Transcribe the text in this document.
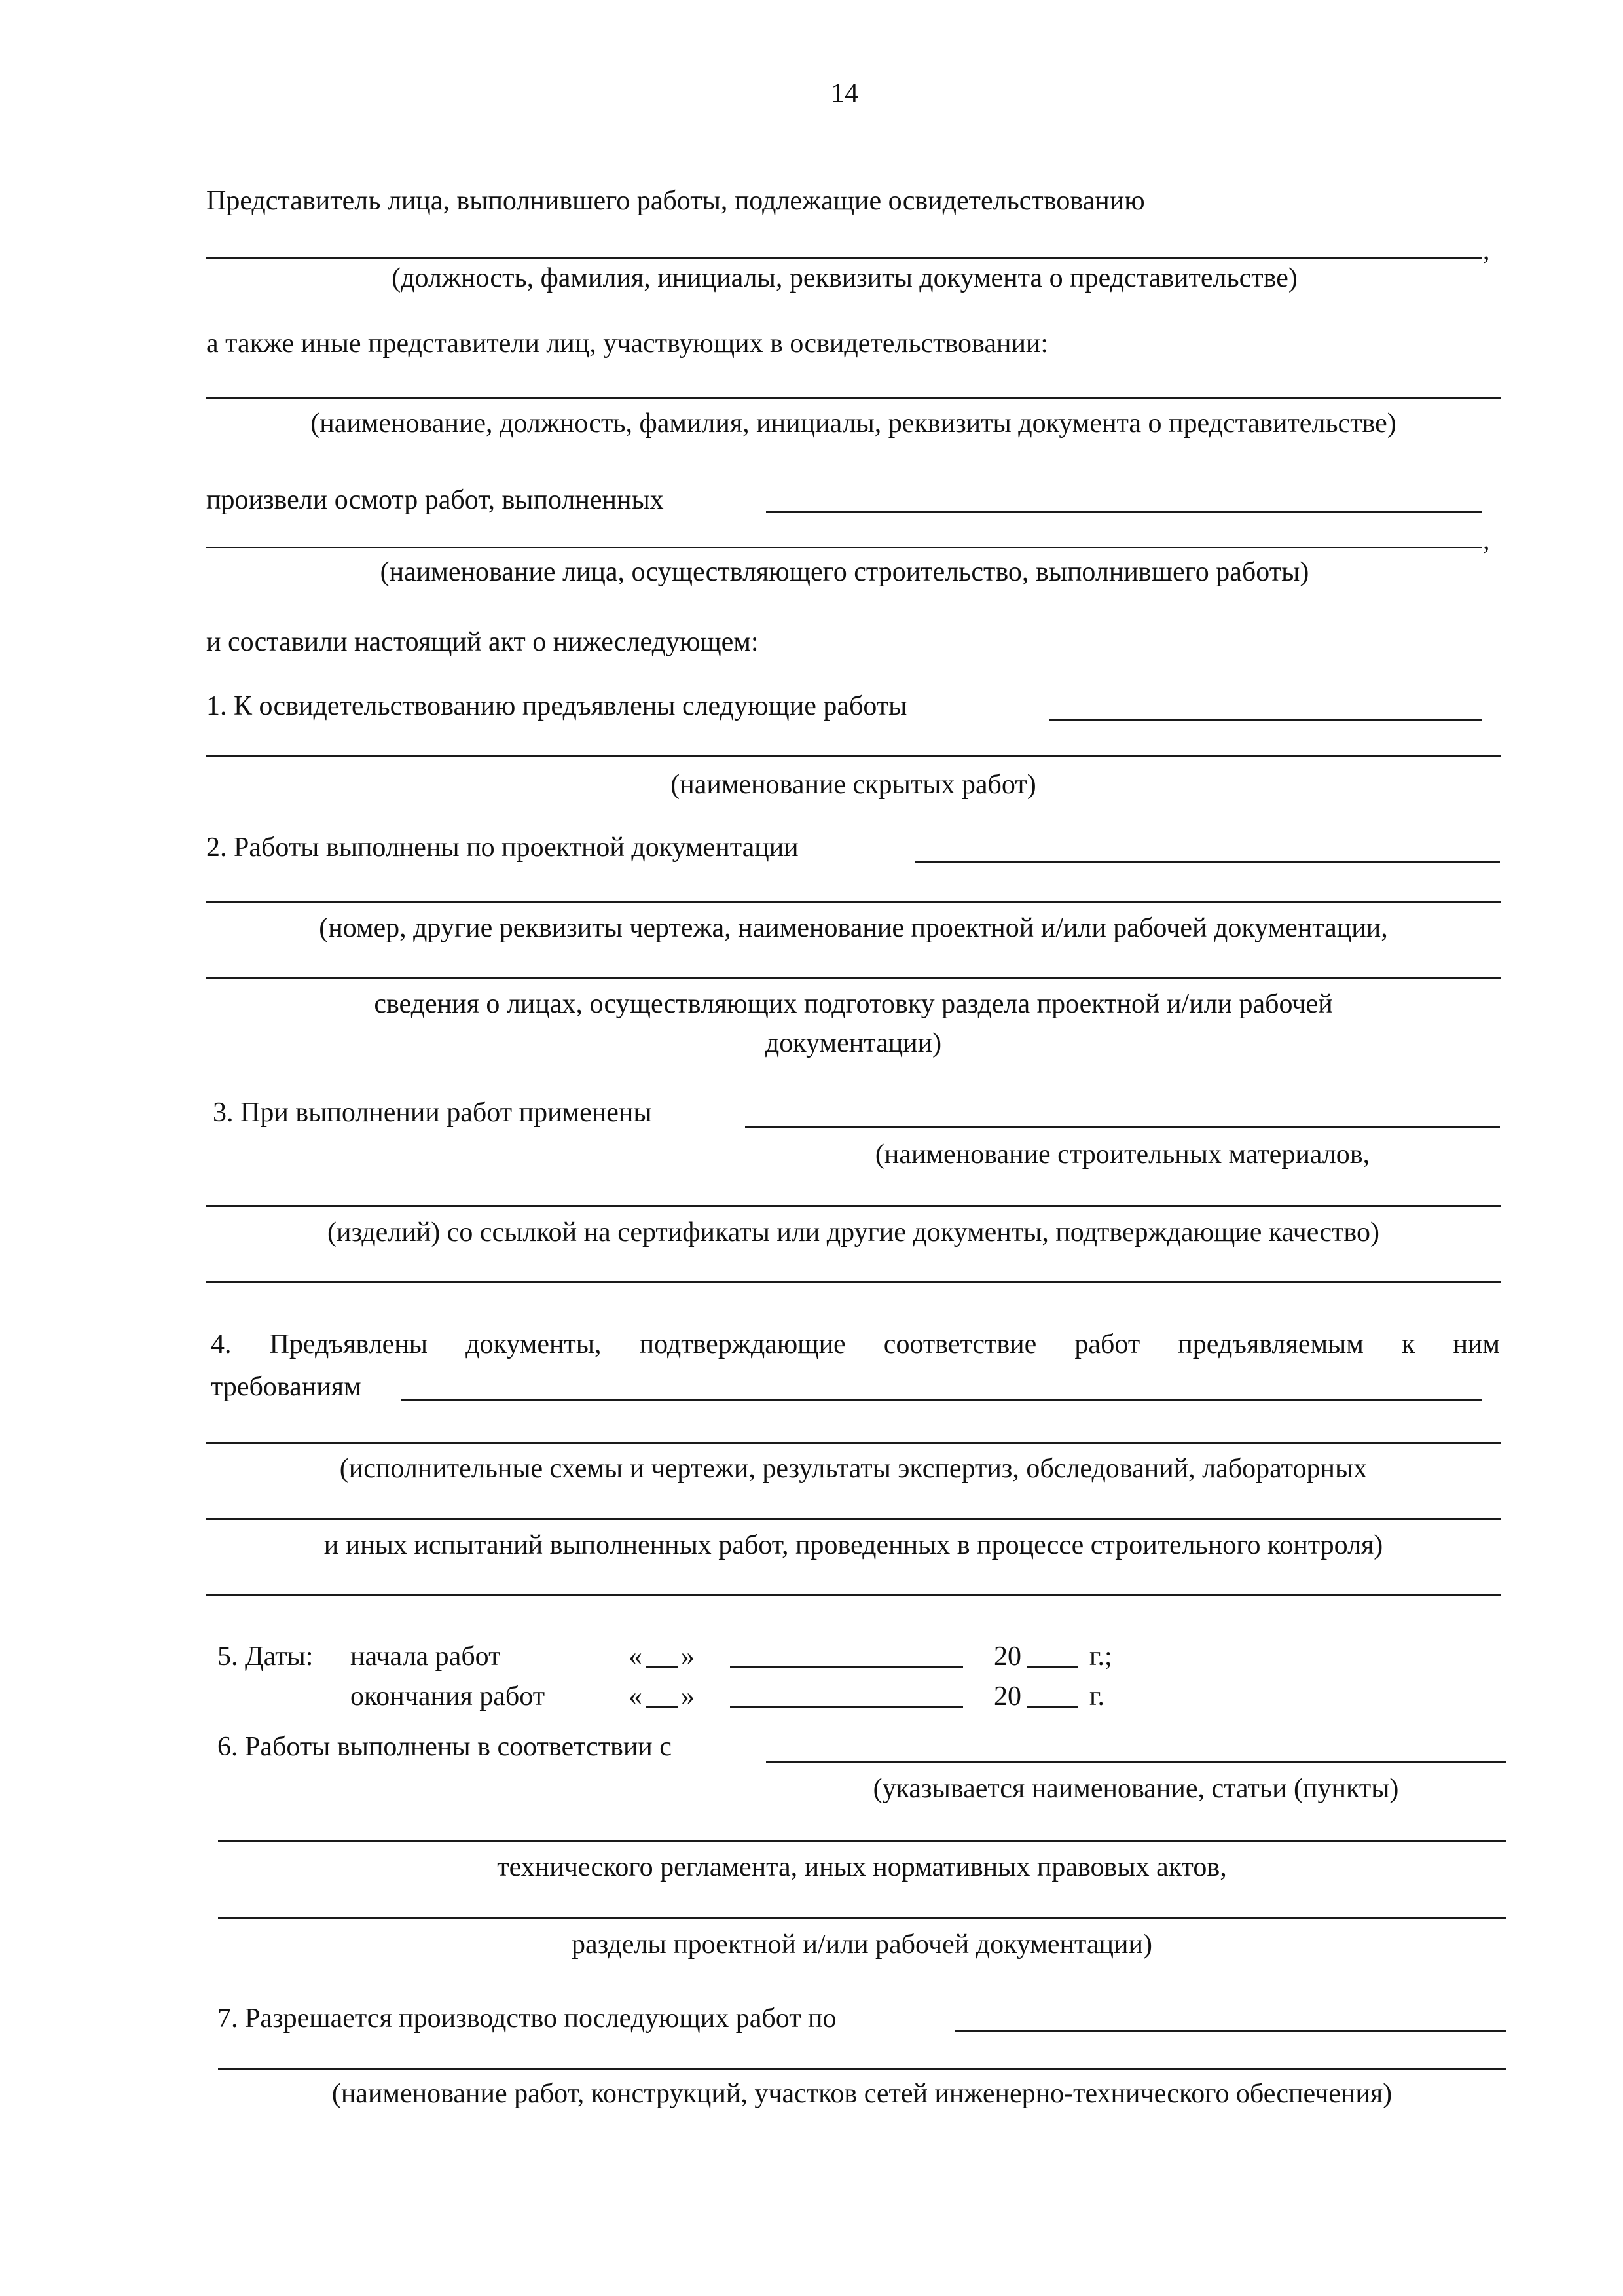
14
Представитель лица, выполнившего работы, подлежащие освидетельствованию
,
(должность, фамилия, инициалы, реквизиты документа о представительстве)
а также иные представители лиц, участвующих в освидетельствовании:
(наименование, должность, фамилия, инициалы, реквизиты документа о представительстве)
произвели осмотр работ, выполненных
,
(наименование лица, осуществляющего строительство, выполнившего работы)
и составили настоящий акт о нижеследующем:
1. К освидетельствованию предъявлены следующие работы
(наименование скрытых работ)
2. Работы выполнены по проектной документации
(номер, другие реквизиты чертежа, наименование проектной и/или рабочей документации,
сведения о лицах, осуществляющих подготовку раздела проектной и/или рабочей
документации)
3. При выполнении работ применены
(наименование строительных материалов,
(изделий) со ссылкой на сертификаты или другие документы, подтверждающие качество)
4. Предъявлены документы, подтверждающие соответствие работ предъявляемым к ним
требованиям
(исполнительные схемы и чертежи, результаты экспертиз, обследований, лабораторных
и иных испытаний выполненных работ, проведенных в процессе строительного контроля)
5. Даты: начала работ	« »	20 г.;
окончания работ	« »	20 г.
6. Работы выполнены в соответствии с
(указывается наименование, статьи (пункты)
технического регламента, иных нормативных правовых актов,
разделы проектной и/или рабочей документации)
7. Разрешается производство последующих работ по
(наименование работ, конструкций, участков сетей инженерно-технического обеспечения)
